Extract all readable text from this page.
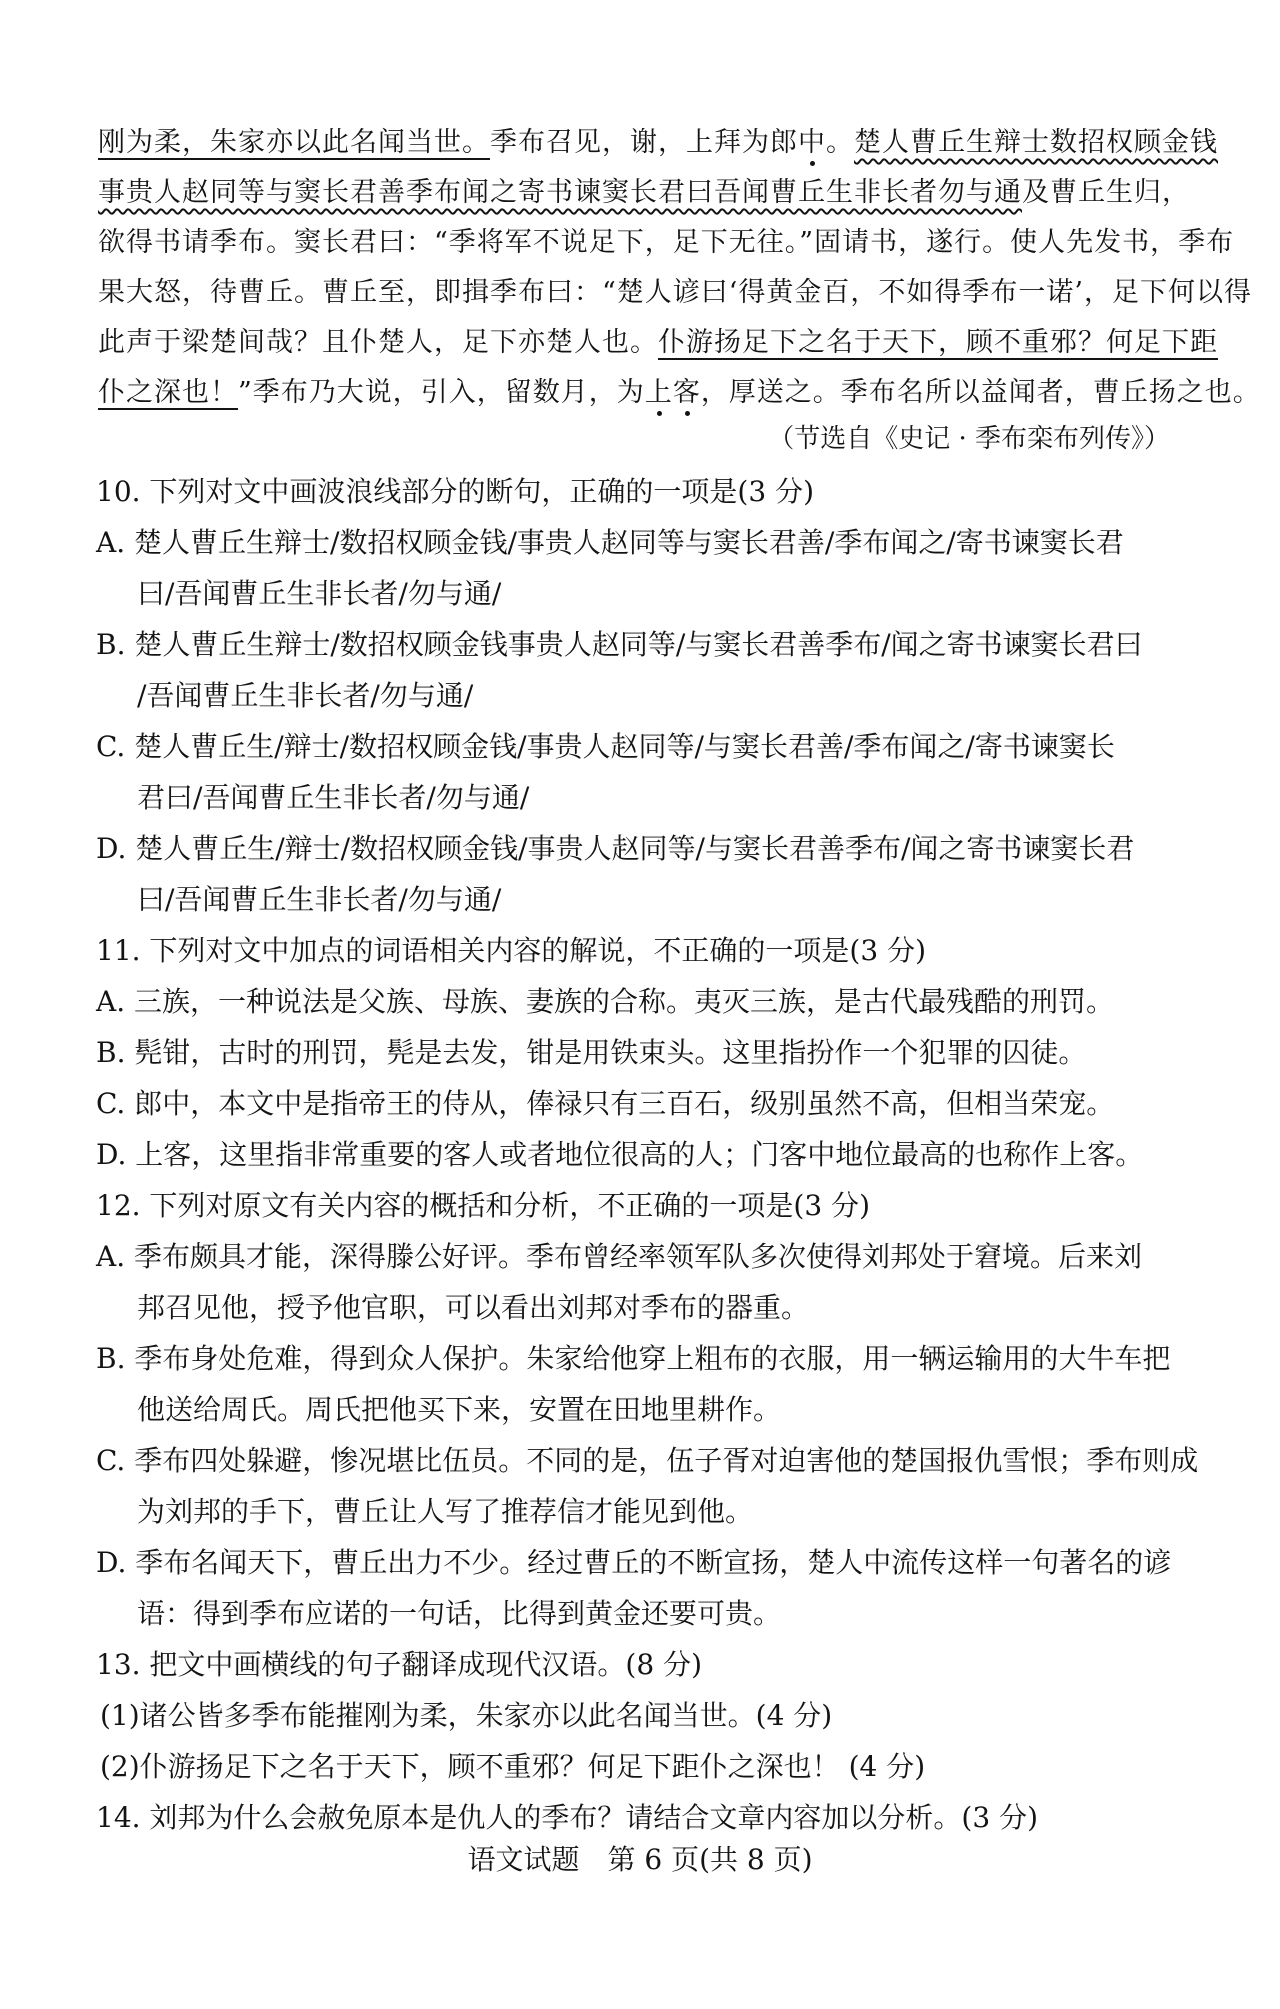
刚为柔，朱家亦以此名闻当世。季布召见，谢，上拜为郎中。楚人曹丘生辩士数招权顾金钱
事贵人赵同等与窦长君善季布闻之寄书谏窦长君曰吾闻曹丘生非长者勿与通及曹丘生归，
欲得书请季布。窦长君曰：“季将军不说足下，足下无往。”固请书，遂行。使人先发书，季布
果大怒，待曹丘。曹丘至，即揖季布曰：“楚人谚曰‘得黄金百，不如得季布一诺’，足下何以得
此声于梁楚间哉？且仆楚人，足下亦楚人也。仆游扬足下之名于天下，顾不重邪？何足下距
仆之深也！”季布乃大说，引入，留数月，为上客，厚送之。季布名所以益闻者，曹丘扬之也。
（节选自《史记 · 季布栾布列传》）
10. 下列对文中画波浪线部分的断句，正确的一项是(3 分)
A. 楚人曹丘生辩士/数招权顾金钱/事贵人赵同等与窦长君善/季布闻之/寄书谏窦长君
曰/吾闻曹丘生非长者/勿与通/
B. 楚人曹丘生辩士/数招权顾金钱事贵人赵同等/与窦长君善季布/闻之寄书谏窦长君曰
/吾闻曹丘生非长者/勿与通/
C. 楚人曹丘生/辩士/数招权顾金钱/事贵人赵同等/与窦长君善/季布闻之/寄书谏窦长
君曰/吾闻曹丘生非长者/勿与通/
D. 楚人曹丘生/辩士/数招权顾金钱/事贵人赵同等/与窦长君善季布/闻之寄书谏窦长君
曰/吾闻曹丘生非长者/勿与通/
11. 下列对文中加点的词语相关内容的解说，不正确的一项是(3 分)
A. 三族，一种说法是父族、母族、妻族的合称。夷灭三族，是古代最残酷的刑罚。
B. 髡钳，古时的刑罚，髡是去发，钳是用铁束头。这里指扮作一个犯罪的囚徒。
C. 郎中，本文中是指帝王的侍从，俸禄只有三百石，级别虽然不高，但相当荣宠。
D. 上客，这里指非常重要的客人或者地位很高的人；门客中地位最高的也称作上客。
12. 下列对原文有关内容的概括和分析，不正确的一项是(3 分)
A. 季布颇具才能，深得滕公好评。季布曾经率领军队多次使得刘邦处于窘境。后来刘
邦召见他，授予他官职，可以看出刘邦对季布的器重。
B. 季布身处危难，得到众人保护。朱家给他穿上粗布的衣服，用一辆运输用的大牛车把
他送给周氏。周氏把他买下来，安置在田地里耕作。
C. 季布四处躲避，惨况堪比伍员。不同的是，伍子胥对迫害他的楚国报仇雪恨；季布则成
为刘邦的手下，曹丘让人写了推荐信才能见到他。
D. 季布名闻天下，曹丘出力不少。经过曹丘的不断宣扬，楚人中流传这样一句著名的谚
语：得到季布应诺的一句话，比得到黄金还要可贵。
13. 把文中画横线的句子翻译成现代汉语。(8 分)
(1)诸公皆多季布能摧刚为柔，朱家亦以此名闻当世。(4 分)
(2)仆游扬足下之名于天下，顾不重邪？何足下距仆之深也！ (4 分)
14. 刘邦为什么会赦免原本是仇人的季布？请结合文章内容加以分析。(3 分)
语文试题　第 6 页(共 8 页)
